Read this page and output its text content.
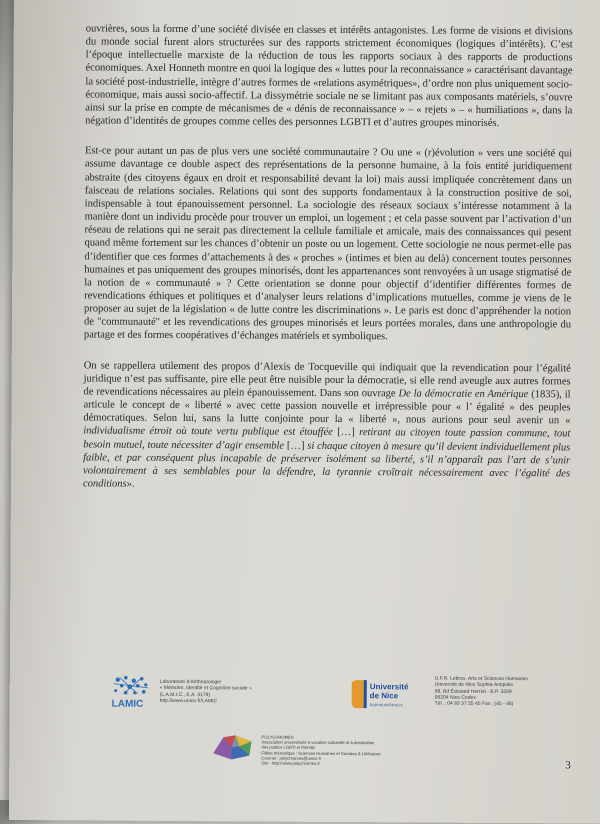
ouvrières, sous la forme d’une société divisée en classes et intérêts antagonistes. Les forme de visions et divisions du monde social furent alors structurées sur des rapports strictement économiques (logiques d’intérêts). C’est l’époque intellectuelle marxiste de la réduction de tous les rapports sociaux à des rapports de productions économiques. Axel Honneth montre en quoi la logique des « luttes pour la reconnaissance » caractérisant davantage la société post-industrielle, intègre d’autres formes de «relations asymétriques», d’ordre non plus uniquement socio-économique, mais aussi socio-affectif. La dissymétrie sociale ne se limitant pas aux composants matériels, s’ouvre ainsi sur la prise en compte de mécanismes de « dénis de reconnaissance » – « rejets » – « humiliations », dans la négation d’identités de groupes comme celles des personnes LGBTI et d’autres groupes minorisés.

Est-ce pour autant un pas de plus vers une société communautaire ? Ou une « (r)évolution » vers une société qui assume davantage ce double aspect des représentations de la personne humaine, à la fois entité juridiquement abstraite (des citoyens égaux en droit et responsabilité devant la loi) mais aussi impliquée concrètement dans un faisceau de relations sociales. Relations qui sont des supports fondamentaux à la construction positive de soi, indispensable à tout épanouissement personnel. La sociologie des réseaux sociaux s’intéresse notamment à la manière dont un individu procède pour trouver un emploi, un logement ; et cela passe souvent par l’activation d’un réseau de relations qui ne serait pas directement la cellule familiale et amicale, mais des connaissances qui pesent quand même fortement sur les chances d’obtenir un poste ou un logement. Cette sociologie ne nous permet-elle pas d’identifier que ces formes d’attachements à des « proches » (intimes et bien au delà) concernent toutes personnes humaines et pas uniquement des groupes minorisés, dont les appartenances sont renvoyées à un usage stigmatisé de la notion de « communauté » ? Cette orientation se donne pour objectif d’identifier différentes formes de revendications éthiques et politiques et d’analyser leurs relations d’implications mutuelles, comme je viens de le proposer au sujet de la législation « de lutte contre les discriminations ». Le paris est donc d’appréhender la notion de "communauté" et les revendications des groupes minorisés et leurs portées morales, dans une anthropologie du partage et des formes coopératives d’échanges matériels et symboliques.

On se rappellera utilement des propos d’Alexis de Tocqueville qui indiquait que la revendication pour l’égalité juridique n’est pas suffisante, pire elle peut être nuisible pour la démocratie, si elle rend aveugle aux autres formes de revendications nécessaires au plein épanouissement. Dans son ouvrage De la démocratie en Amérique (1835), il articule le concept de « liberté » avec cette passion nouvelle et irrépressible pour « l’ égalité » des peuples démocratiques. Selon lui, sans la lutte conjointe pour la « liberté », nous aurions pour seul avenir un « individualisme étroit où toute vertu publique est étouffée […] retirant au citoyen toute passion commune, tout besoin mutuel, toute nécessiter d’agir ensemble […] si chaque citoyen à mesure qu’il devient individuellement plus faible, et par conséquent plus incapable de préserver isolément sa liberté, s’il n’apparaît pas l’art de s’unir volontairement à ses semblables pour la défendre, la tyrannie croîtrait nécessairement avec l’égalité des conditions».

LAMIC
Laboratoire d’Anthropologie
« Mémoire, Identité et Cognition sociale »
(L.A.M.I.C., E.A. 3179)
http://www.unice.fr/LAMIC
Université
de Nice
SOPHIA ANTIPOLIS
U.F.R. Lettres, Arts et Sciences Humaines
Université de Nice Sophia-Antipolis
98, Bd Édouard Herriot - B.P. 3209
06204 Nice Cedex
Tél. : 04 93 37 55 45 Fax : (45 - 46)
POLYCHROMES
Association universitaire à vocation culturelle et à destination
des publics LGBTI et friendly
Filière thématique : Sciences Humaines et Sociales & Littérature
Courriel : polychromes@unice.fr
Site : http://www.polychromes.fr	3
